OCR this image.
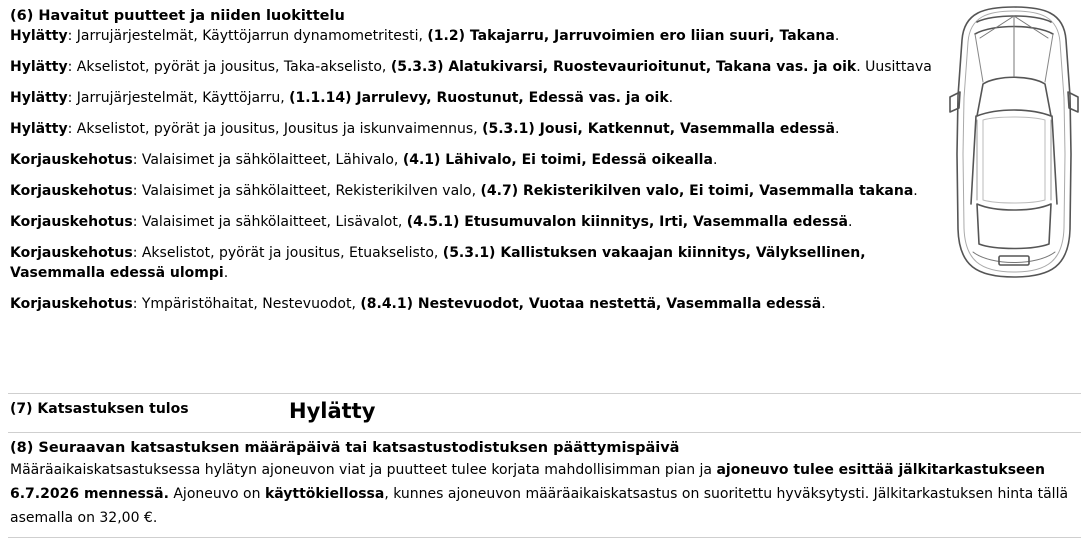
(6) Havaitut puutteet ja niiden luokittelu
Hylätty: Jarrujärjestelmät, Käyttöjarrun dynamometritesti, (1.2) Takajarru, Jarruvoimien ero liian suuri, Takana.
Hylätty: Akselistot, pyörät ja jousitus, Taka-akselisto, (5.3.3) Alatukivarsi, Ruostevaurioitunut, Takana vas. ja oik. Uusittava
Hylätty: Jarrujärjestelmät, Käyttöjarru, (1.1.14) Jarrulevy, Ruostunut, Edessä vas. ja oik.
Hylätty: Akselistot, pyörät ja jousitus, Jousitus ja iskunvaimennus, (5.3.1) Jousi, Katkennut, Vasemmalla edessä.
Korjauskehotus: Valaisimet ja sähkölaitteet, Lähivalo, (4.1) Lähivalo, Ei toimi, Edessä oikealla.
Korjauskehotus: Valaisimet ja sähkölaitteet, Rekisterikilven valo, (4.7) Rekisterikilven valo, Ei toimi, Vasemmalla takana.
Korjauskehotus: Valaisimet ja sähkölaitteet, Lisävalot, (4.5.1) Etusumuvalon kiinnitys, Irti, Vasemmalla edessä.
Korjauskehotus: Akselistot, pyörät ja jousitus, Etuakselisto, (5.3.1) Kallistuksen vakaajan kiinnitys, Välyksellinen, Vasemmalla edessä ulompi.
Korjauskehotus: Ympäristöhaitat, Nestevuodot, (8.4.1) Nestevuodot, Vuotaa nestettä, Vasemmalla edessä.
(7) Katsastuksen tulos	Hylätty
(8) Seuraavan katsastuksen määräpäivä tai katsastustodistuksen päättymispäivä
Määräaikaiskatsastuksessa hylätyn ajoneuvon viat ja puutteet tulee korjata mahdollisimman pian ja ajoneuvo tulee esittää jälkitarkastukseen 6.7.2026 mennessä. Ajoneuvo on käyttökiellossa, kunnes ajoneuvon määräaikaiskatsastus on suoritettu hyväksytysti. Jälkitarkastuksen hinta tällä asemalla on 32,00 €.
